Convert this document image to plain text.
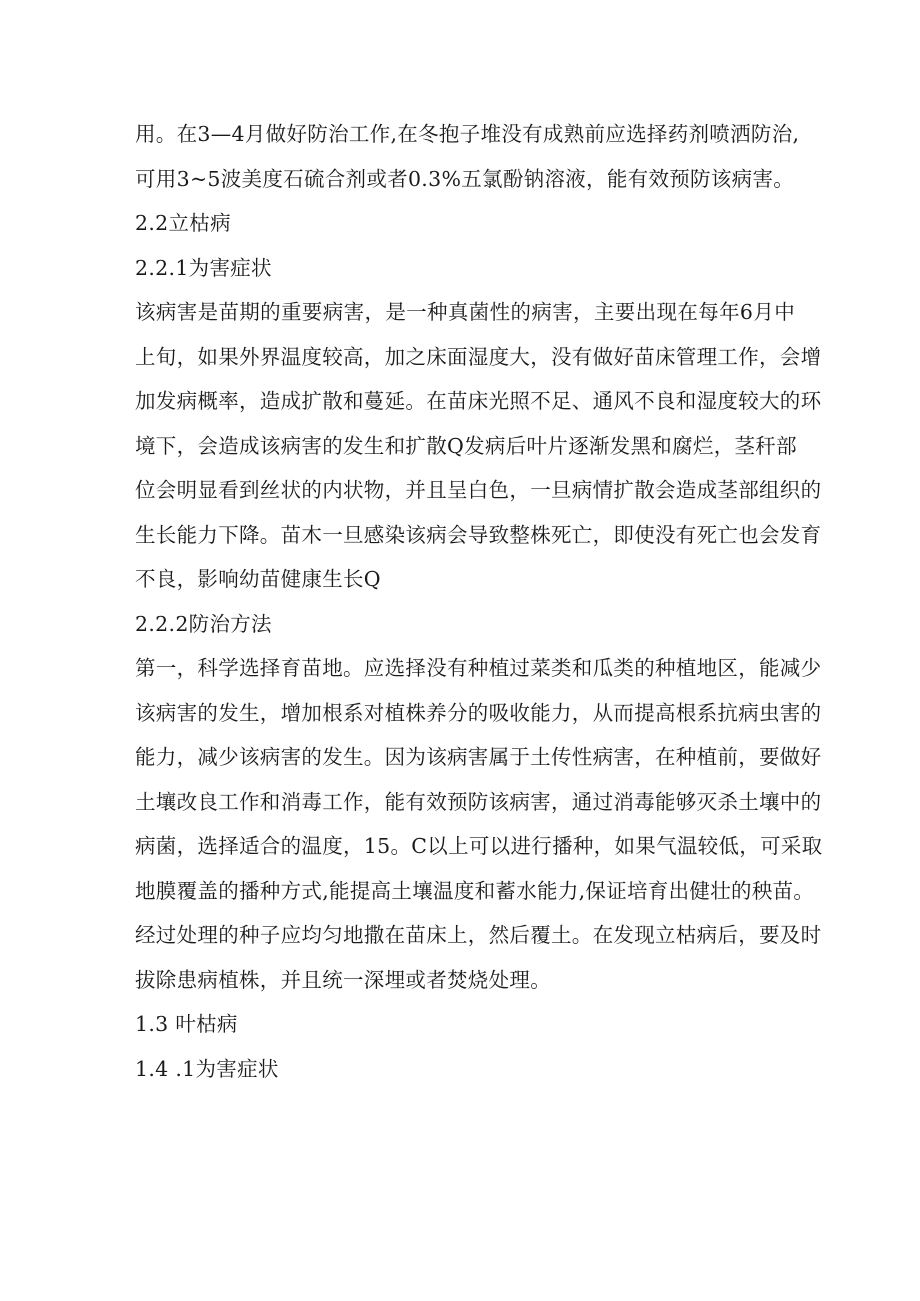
用。在3—4月做好防治工作,在冬抱子堆没有成熟前应选择药剂喷洒防治,
可用3~5波美度石硫合剂或者0.3%五氯酚钠溶液，能有效预防该病害。
2.2立枯病
2.2.1为害症状
该病害是苗期的重要病害，是一种真菌性的病害，主要出现在每年6月中
上旬，如果外界温度较高，加之床面湿度大，没有做好苗床管理工作，会增
加发病概率，造成扩散和蔓延。在苗床光照不足、通风不良和湿度较大的环
境下，会造成该病害的发生和扩散Q发病后叶片逐渐发黑和腐烂，茎秆部
位会明显看到丝状的内状物，并且呈白色，一旦病情扩散会造成茎部组织的
生长能力下降。苗木一旦感染该病会导致整株死亡，即使没有死亡也会发育
不良，影响幼苗健康生长Q
2.2.2防治方法
第一，科学选择育苗地。应选择没有种植过菜类和瓜类的种植地区，能减少
该病害的发生，增加根系对植株养分的吸收能力，从而提高根系抗病虫害的
能力，减少该病害的发生。因为该病害属于土传性病害，在种植前，要做好
土壤改良工作和消毒工作，能有效预防该病害，通过消毒能够灭杀土壤中的
病菌，选择适合的温度，15。C以上可以进行播种，如果气温较低，可采取
地膜覆盖的播种方式,能提高土壤温度和蓄水能力,保证培育出健壮的秧苗。
经过处理的种子应均匀地撒在苗床上，然后覆土。在发现立枯病后，要及时
拔除患病植株，并且统一深埋或者焚烧处理。
1.3 叶枯病
1.4 .1为害症状
